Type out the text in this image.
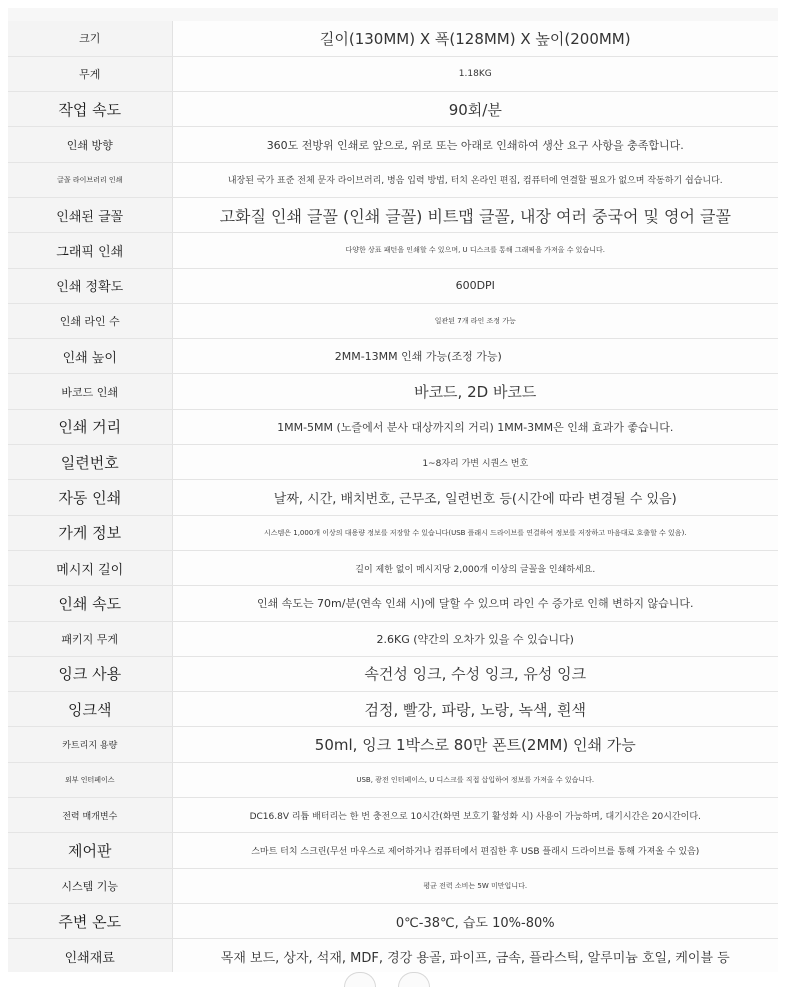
크기	길이(130MM) X 폭(128MM) X 높이(200MM)
무게	1.18KG
작업 속도	90회/분
인쇄 방향	360도 전방위 인쇄로 앞으로, 위로 또는 아래로 인쇄하여 생산 요구 사항을 충족합니다.
글꼴 라이브러리 인쇄	내장된 국가 표준 전체 문자 라이브러리, 병음 입력 방법, 터치 온라인 편집, 컴퓨터에 연결할 필요가 없으며 작동하기 쉽습니다.
인쇄된 글꼴	고화질 인쇄 글꼴 (인쇄 글꼴) 비트맵 글꼴, 내장 여러 중국어 및 영어 글꼴
그래픽 인쇄	다양한 상표 패턴을 인쇄할 수 있으며, U 디스크를 통해 그래픽을 가져올 수 있습니다.
인쇄 정확도	600DPI
인쇄 라인 수	일관된 7개 라인 조정 가능
인쇄 높이	2MM-13MM 인쇄 가능(조정 가능)
바코드 인쇄	바코드, 2D 바코드
인쇄 거리	1MM-5MM (노즐에서 분사 대상까지의 거리) 1MM-3MM은 인쇄 효과가 좋습니다.
일련번호	1~8자리 가변 시퀀스 번호
자동 인쇄	날짜, 시간, 배치번호, 근무조, 일련번호 등(시간에 따라 변경될 수 있음)
가게 정보	시스템은 1,000개 이상의 대용량 정보를 저장할 수 있습니다(USB 플래시 드라이브를 연결하여 정보를 저장하고 마음대로 호출할 수 있음).
메시지 길이	길이 제한 없이 메시지당 2,000개 이상의 글꼴을 인쇄하세요.
인쇄 속도	인쇄 속도는 70m/분(연속 인쇄 시)에 달할 수 있으며 라인 수 증가로 인해 변하지 않습니다.
패키지 무게	2.6KG (약간의 오차가 있을 수 있습니다)
잉크 사용	속건성 잉크, 수성 잉크, 유성 잉크
잉크색	검정, 빨강, 파랑, 노랑, 녹색, 흰색
카트리지 용량	50ml, 잉크 1박스로 80만 폰트(2MM) 인쇄 가능
외부 인터페이스	USB, 광전 인터페이스, U 디스크를 직접 삽입하여 정보를 가져올 수 있습니다.
전력 매개변수	DC16.8V 리튬 배터리는 한 번 충전으로 10시간(화면 보호기 활성화 시) 사용이 가능하며, 대기시간은 20시간이다.
제어판	스마트 터치 스크린(무선 마우스로 제어하거나 컴퓨터에서 편집한 후 USB 플래시 드라이브를 통해 가져올 수 있음)
시스템 기능	평균 전력 소비는 5W 미만입니다.
주변 온도	0℃-38℃, 습도 10%-80%
인쇄재료	목재 보드, 상자, 석재, MDF, 경강 용골, 파이프, 금속, 플라스틱, 알루미늄 호일, 케이블 등
